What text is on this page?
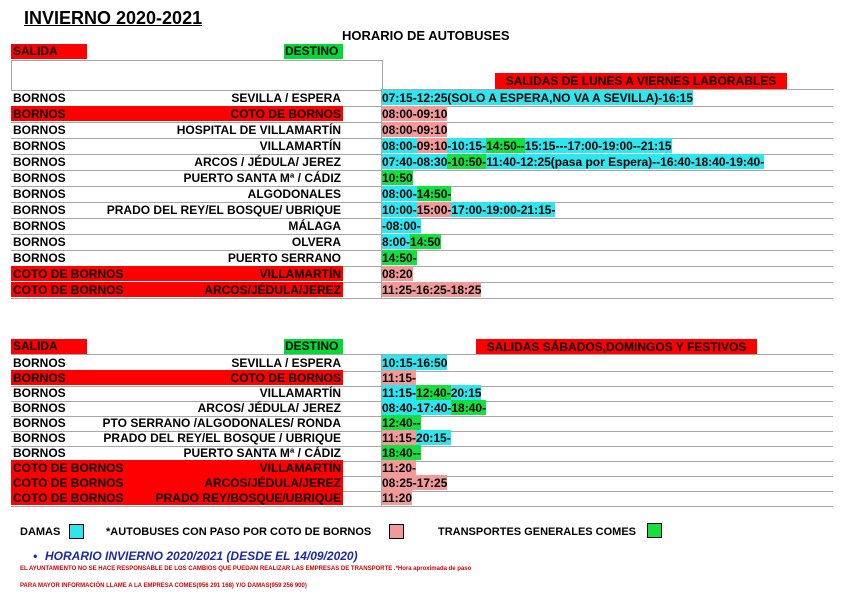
INVIERNO 2020-2021
HORARIO DE AUTOBUSES
SALIDA	DESTINO
SALIDAS DE LUNES A VIERNES LABORABLES
BORNOS	SEVILLA / ESPERA	07:15-12:25(SOLO A ESPERA,NO VA A SEVILLA)-16:15
BORNOS	COTO DE BORNOS	08:00-09:10
BORNOS	HOSPITAL DE VILLAMARTÍN	08:00-09:10
BORNOS	VILLAMARTÍN	08:00-09:10-10:15-14:50--15:15---17:00-19:00--21:15
BORNOS	ARCOS / JÉDULA/ JEREZ	07:40-08:30-10:50-11:40-12:25(pasa por Espera)--16:40-18:40-19:40-
BORNOS	PUERTO SANTA Mª / CÁDIZ	10:50
BORNOS	ALGODONALES	08:00-14:50-
BORNOS	PRADO DEL REY/EL BOSQUE/ UBRIQUE	10:00-15:00-17:00-19:00-21:15-
BORNOS	MÁLAGA	-08:00-
BORNOS	OLVERA	8:00-14:50
BORNOS	PUERTO SERRANO	14:50-
COTO DE BORNOS	VILLAMARTÍN	08:20
COTO DE BORNOS	ARCOS/JÉDULA/JEREZ	11:25-16:25-18:25
SALIDA	DESTINO	SALIDAS SÁBADOS,DOMINGOS Y FESTIVOS
BORNOS	SEVILLA / ESPERA	10:15-16:50
BORNOS	COTO DE BORNOS	11:15-
BORNOS	VILLAMARTÍN	11:15-12:40-20:15
BORNOS	ARCOS/ JÉDULA/ JEREZ	08:40-17:40-18:40-
BORNOS	PTO SERRANO /ALGODONALES/ RONDA	12:40--
BORNOS	PRADO DEL REY/EL BOSQUE / UBRIQUE	11:15-20:15-
BORNOS	PUERTO SANTA Mª / CÁDIZ	18:40--
COTO DE BORNOS	VILLAMARTÍN	11:20-
COTO DE BORNOS	ARCOS/JÉDULA/JEREZ	08:25-17:25
COTO DE BORNOS	PRADO REY/BOSQUE/UBRIQUE	11:20
DAMAS	*AUTOBUSES CON PASO POR COTO DE BORNOS	TRANSPORTES GENERALES COMES
• HORARIO INVIERNO 2020/2021 (DESDE EL 14/09/2020)
EL AYUNTAMIENTO NO SE HACE RESPONSABLE DE LOS CAMBIOS QUE PUEDAN REALIZAR LAS EMPRESAS DE TRANSPORTE .*Hora aproximada de paso
PARA MAYOR INFORMACIÓN LLAME A LA EMPRESA COMES(956 291 168) Y/O DAMAS(959 256 900)
